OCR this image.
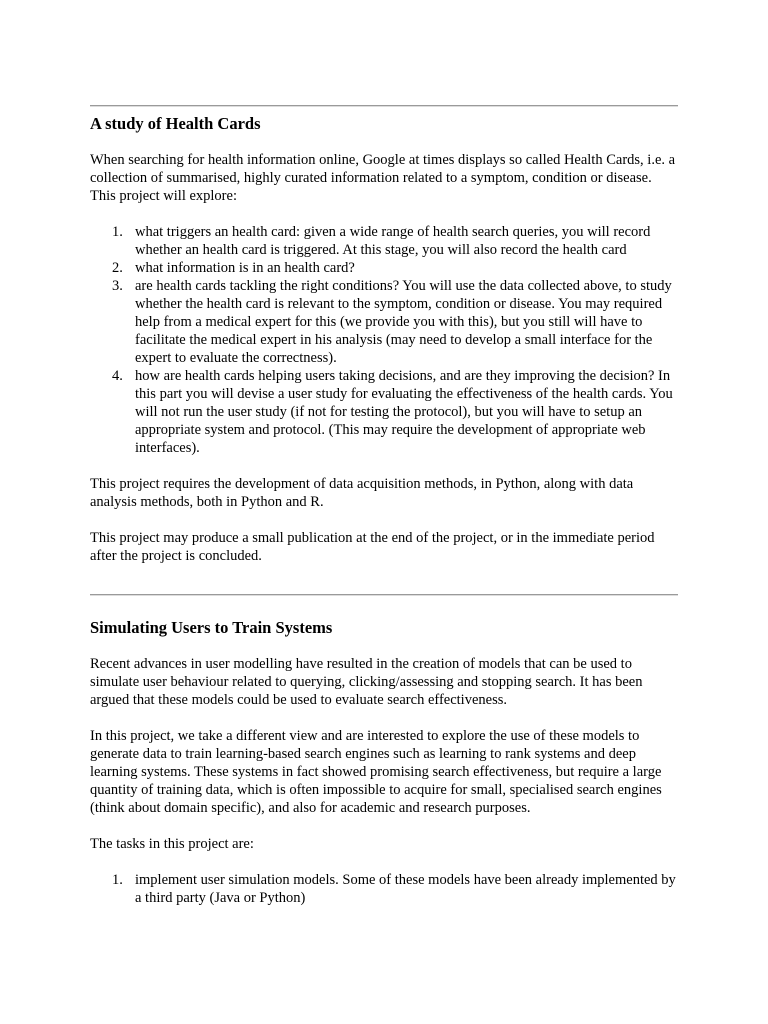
A study of Health Cards

When searching for health information online, Google at times displays so called Health Cards, i.e. a collection of summarised, highly curated information related to a symptom, condition or disease.

This project will explore:

1. what triggers an health card: given a wide range of health search queries, you will record whether an health card is triggered. At this stage, you will also record the health card
2. what information is in an health card?
3. are health cards tackling the right conditions? You will use the data collected above, to study whether the health card is relevant to the symptom, condition or disease. You may required help from a medical expert for this (we provide you with this), but you still will have to facilitate the medical expert in his analysis (may need to develop a small interface for the expert to evaluate the correctness).
4. how are health cards helping users taking decisions, and are they improving the decision? In this part you will devise a user study for evaluating the effectiveness of the health cards. You will not run the user study (if not for testing the protocol), but you will have to setup an appropriate system and protocol. (This may require the development of appropriate web interfaces).

This project requires the development of data acquisition methods, in Python, along with data analysis methods, both in Python and R.

This project may produce a small publication at the end of the project, or in the immediate period after the project is concluded.

Simulating Users to Train Systems

Recent advances in user modelling have resulted in the creation of models that can be used to simulate user behaviour related to querying, clicking/assessing and stopping search. It has been argued that these models could be used to evaluate search effectiveness.

In this project, we take a different view and are interested to explore the use of these models to generate data to train learning-based search engines such as learning to rank systems and deep learning systems. These systems in fact showed promising search effectiveness, but require a large quantity of training data, which is often impossible to acquire for small, specialised search engines (think about domain specific), and also for academic and research purposes.

The tasks in this project are:

1. implement user simulation models. Some of these models have been already implemented by a third party (Java or Python)
